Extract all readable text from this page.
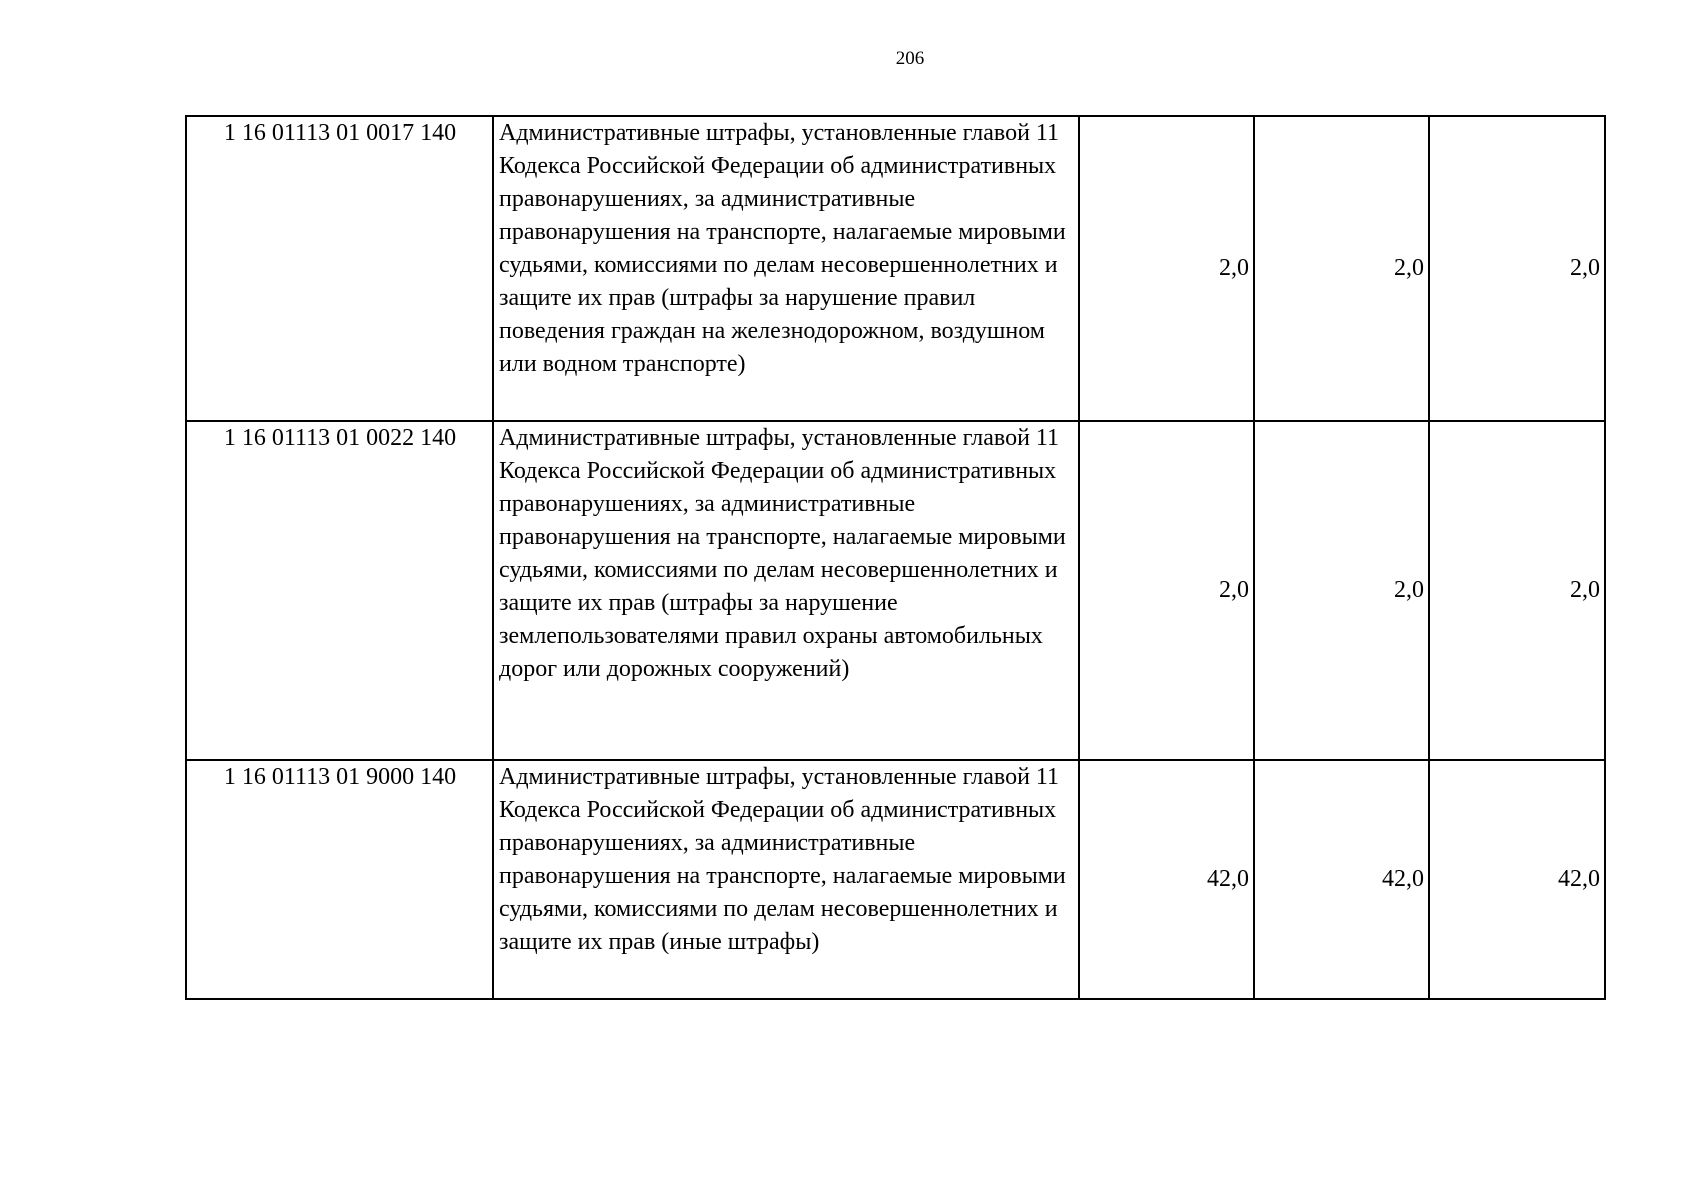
206
1 16 01113 01 0017 140	Административные штрафы, установленные главой 11 Кодекса Российской Федерации об административных правонарушениях, за административные правонарушения на транспорте, налагаемые мировыми судьями, комиссиями по делам несовершеннолетних и защите их прав (штрафы за нарушение правил поведения граждан на железнодорожном, воздушном или водном транспорте)	2,0	2,0	2,0
1 16 01113 01 0022 140	Административные штрафы, установленные главой 11 Кодекса Российской Федерации об административных правонарушениях, за административные правонарушения на транспорте, налагаемые мировыми судьями, комиссиями по делам несовершеннолетних и защите их прав (штрафы за нарушение землепользователями правил охраны автомобильных дорог или дорожных сооружений)	2,0	2,0	2,0
1 16 01113 01 9000 140	Административные штрафы, установленные главой 11 Кодекса Российской Федерации об административных правонарушениях, за административные правонарушения на транспорте, налагаемые мировыми судьями, комиссиями по делам несовершеннолетних и защите их прав (иные штрафы)	42,0	42,0	42,0
